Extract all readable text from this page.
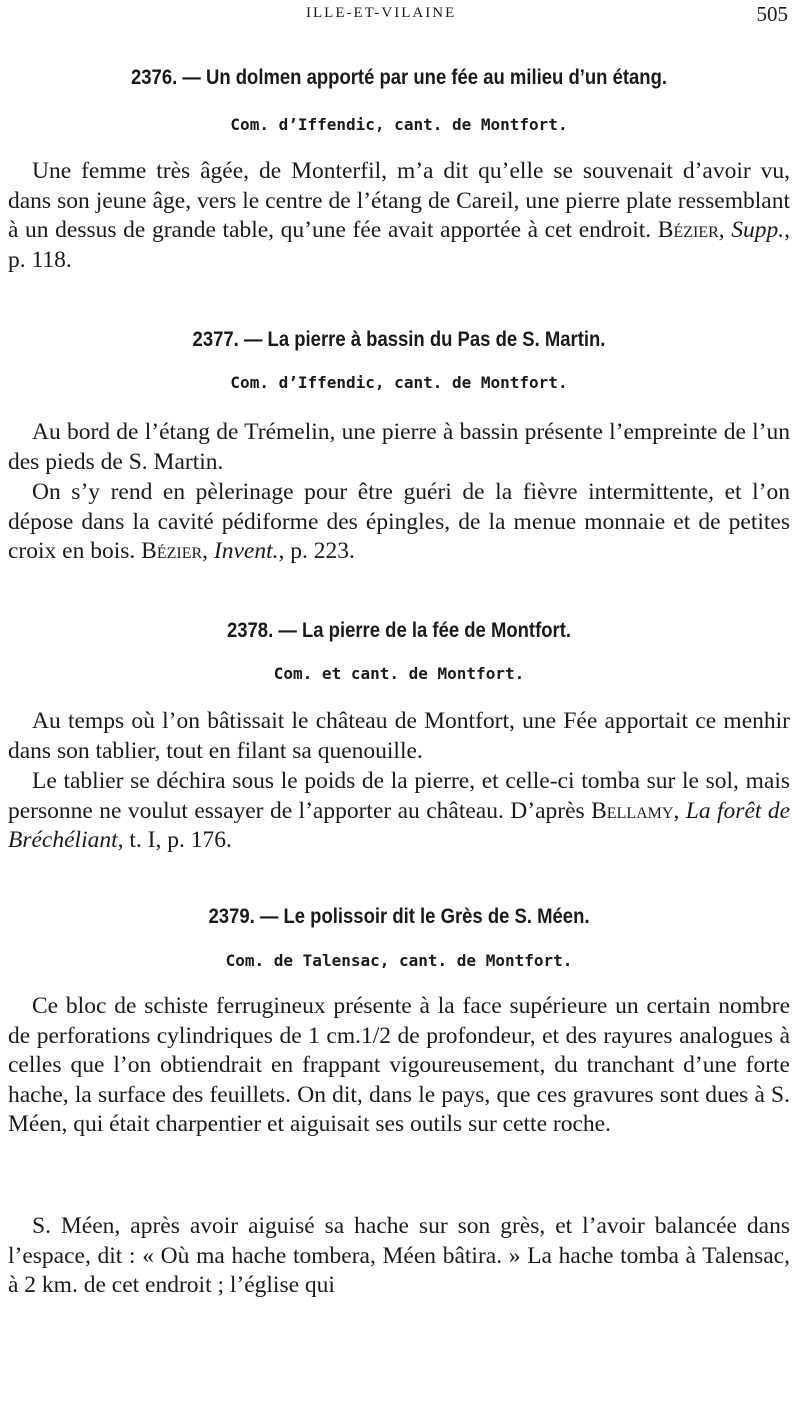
ILLE-ET-VILAINE	505
2376. — Un dolmen apporté par une fée au milieu d’un étang.
Com. d’Iffendic, cant. de Montfort.

Une femme très âgée, de Monterfil, m’a dit qu’elle se souvenait d’avoir vu, dans son jeune âge, vers le centre de l’étang de Careil, une pierre plate ressemblant à un dessus de grande table, qu’une fée avait apportée à cet endroit. Bézier, Supp., p. 118.

2377. — La pierre à bassin du Pas de S. Martin.
Com. d’Iffendic, cant. de Montfort.

Au bord de l’étang de Trémelin, une pierre à bassin présente l’empreinte de l’un des pieds de S. Martin.

On s’y rend en pèlerinage pour être guéri de la fièvre intermittente, et l’on dépose dans la cavité pédiforme des épingles, de la menue monnaie et de petites croix en bois. Bézier, Invent., p. 223.

2378. — La pierre de la fée de Montfort.
Com. et cant. de Montfort.

Au temps où l’on bâtissait le château de Montfort, une Fée apportait ce menhir dans son tablier, tout en filant sa quenouille.

Le tablier se déchira sous le poids de la pierre, et celle-ci tomba sur le sol, mais personne ne voulut essayer de l’apporter au château. D’après Bellamy, La forêt de Bréchéliant, t. I, p. 176.

2379. — Le polissoir dit le Grès de S. Méen.
Com. de Talensac, cant. de Montfort.

Ce bloc de schiste ferrugineux présente à la face supérieure un certain nombre de perforations cylindriques de 1 cm.1/2 de profondeur, et des rayures analogues à celles que l’on obtiendrait en frappant vigoureusement, du tranchant d’une forte hache, la surface des feuillets. On dit, dans le pays, que ces gravures sont dues à S. Méen, qui était charpentier et aiguisait ses outils sur cette roche.

S. Méen, après avoir aiguisé sa hache sur son grès, et l’avoir balancée dans l’espace, dit : « Où ma hache tombera, Méen bâtira. » La hache tomba à Talensac, à 2 km. de cet endroit ; l’église qui
